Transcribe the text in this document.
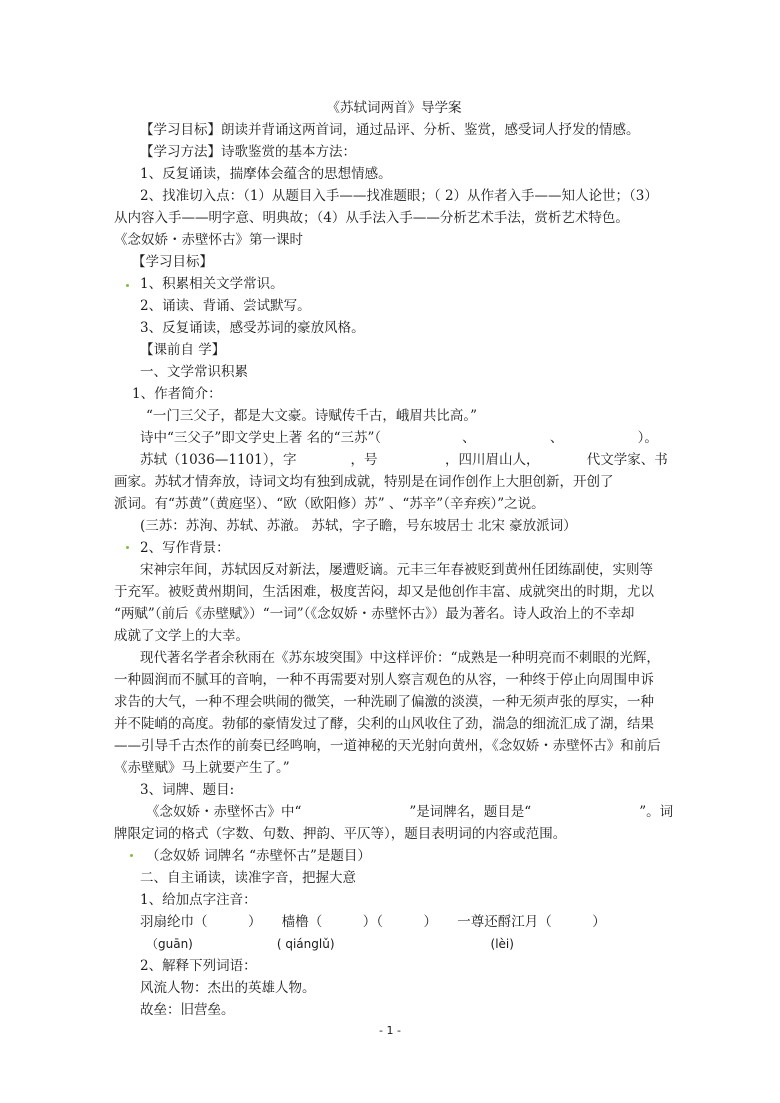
《苏轼词两首》导学案
【学习目标】朗读并背诵这两首词，通过品评、分析、鉴赏，感受词人抒发的情感。
【学习方法】诗歌鉴赏的基本方法：
1、反复诵读，揣摩体会蕴含的思想情感。
2、找准切入点：（1）从题目入手——找准题眼；（ 2）从作者入手——知人论世；（3）
从内容入手——明字意、明典故；（4）从手法入手——分析艺术手法，赏析艺术特色。
《念奴娇・赤壁怀古》第一课时
【学习目标】
1、积累相关文学常识。
2、诵读、背诵、尝试默写。
3、反复诵读，感受苏词的豪放风格。
【课前自 学】
一、文学常识积累
1、作者简介：
“一门三父子，都是大文豪。诗赋传千古，峨眉共比高。”
诗中“三父子”即文学史上著 名的“三苏”（　　　　　　、　　　　　　、　　　　　　）。
苏轼（1036—1101），字　　　　，号　　　　　，四川眉山人，　　　　代文学家、书
画家。苏轼才情奔放，诗词文均有独到成就，特别是在词作创作上大胆创新，开创了
派词。有“苏黄”（黄庭坚）、“欧（欧阳修）苏” 、“苏辛”（辛弃疾）”之说。
(三苏：苏洵、苏轼、苏澈。 苏轼，字子瞻，号东坡居士 北宋 豪放派词）
2、写作背景：
宋神宗年间，苏轼因反对新法，屡遭贬谪。元丰三年春被贬到黄州任团练副使，实则等
于充军。被贬黄州期间，生活困难，极度苦闷，却又是他创作丰富、成就突出的时期，尤以
“两赋”（前后《赤壁赋》）“一词”（《念奴娇・赤壁怀古》）最为著名。诗人政治上的不幸却
成就了文学上的大幸。
现代著名学者余秋雨在《苏东坡突围》中这样评价：“成熟是一种明亮而不刺眼的光辉，
一种圆润而不腻耳的音响，一种不再需要对别人察言观色的从容，一种终于停止向周围申诉
求告的大气，一种不理会哄闹的微笑，一种洗刷了偏激的淡漠，一种无须声张的厚实，一种
并不陡峭的高度。勃郁的豪情发过了酵，尖利的山风收住了劲，湍急的细流汇成了湖，结果
——引导千古杰作的前奏已经鸣响，一道神秘的天光射向黄州，《念奴娇・赤壁怀古》和前后
《赤壁赋》马上就要产生了。”
3、词牌、题目:
《念奴娇・赤壁怀古》中“　　　　　　　　”是词牌名，题目是“　　　　　　　　”。词
牌限定词的格式（字数、句数、押韵、平仄等），题目表明词的内容或范围。
（念奴娇 词牌名 “赤壁怀古”是题目）
二、自主诵读，读准字音，把握大意
1、给加点字注音：
羽扇纶巾（　　　）　　樯橹（　　　）（　　　）　　一尊还酹江月（　　　）
（guān)　　　　　　　( qiánglǔ)　　　　　　　　　　　　　(lèi)
2、解释下列词语：
风流人物：杰出的英雄人物。
故垒：旧营垒。
- 1 -
